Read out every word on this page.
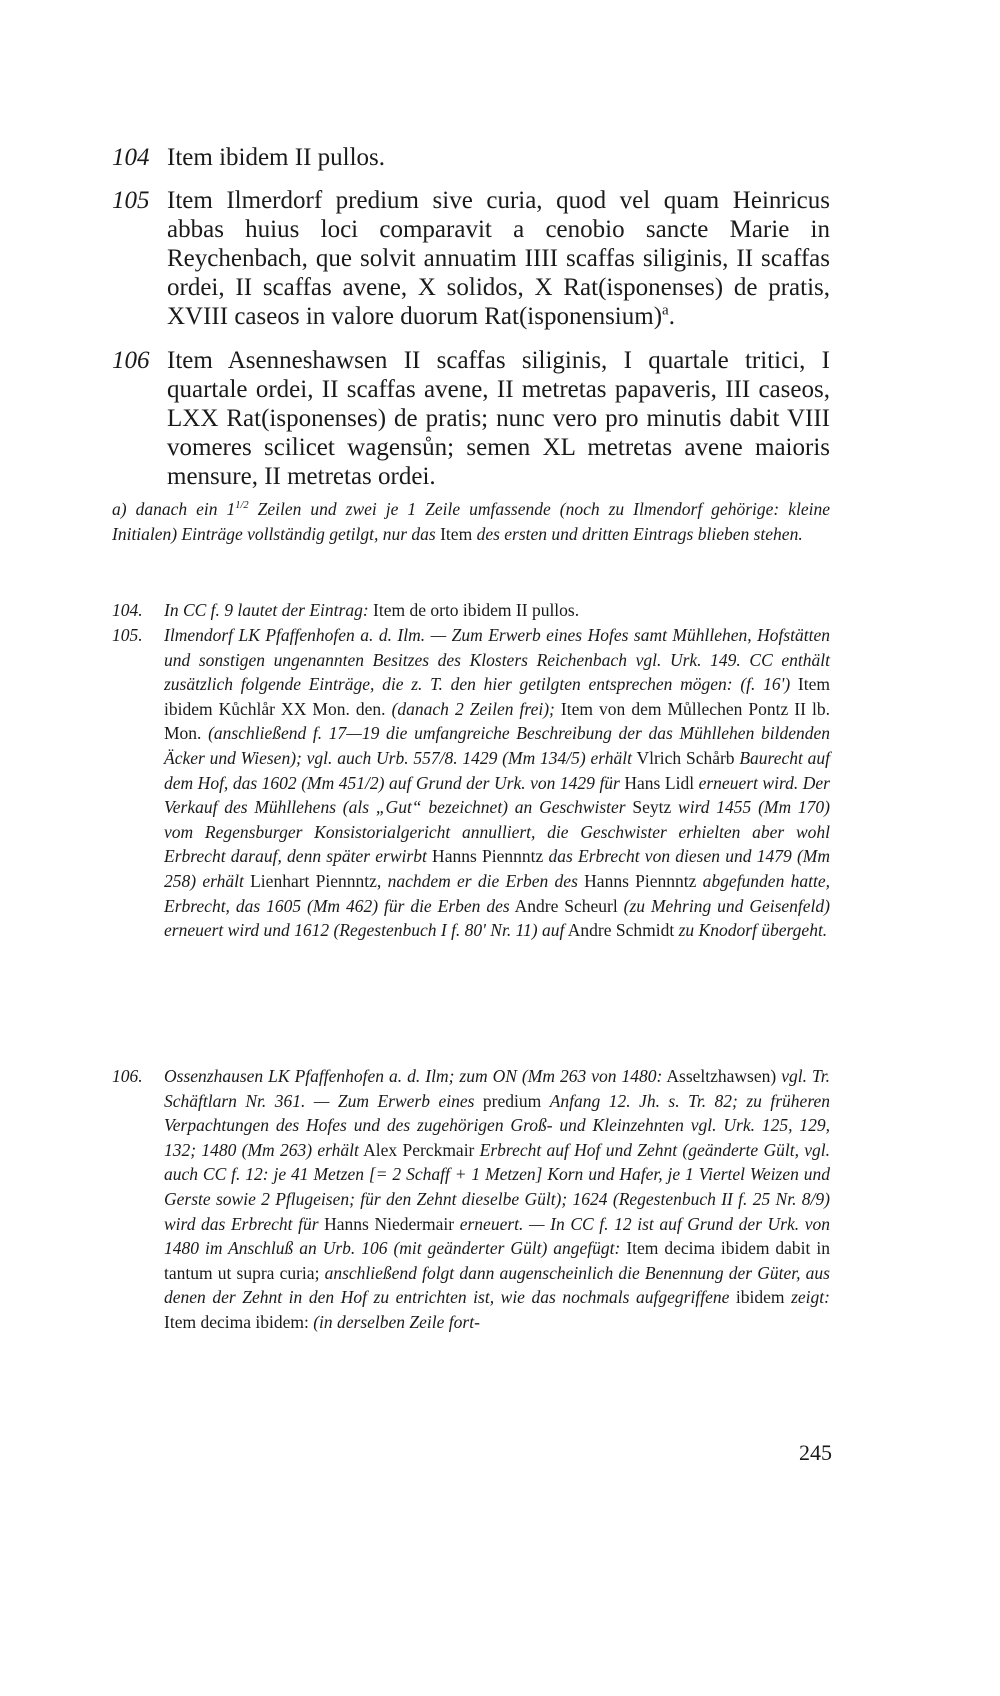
104 Item ibidem II pullos.
105 Item Ilmerdorf predium sive curia, quod vel quam Heinricus abbas huius loci comparavit a cenobio sancte Marie in Reychenbach, que solvit annuatim IIII scaffas siliginis, II scaffas ordei, II scaffas avene, X solidos, X Rat(isponenses) de pratis, XVIII caseos in valore duorum Rat(isponensium)$^a$.
106 Item Asenneshawsen II scaffas siliginis, I quartale tritici, I quartale ordei, II scaffas avene, II metretas papaveris, III caseos, LXX Rat(isponenses) de pratis; nunc vero pro minutis dabit VIII vomeres scilicet wagensůn; semen XL metretas avene maioris mensure, II metretas ordei.
a) danach ein $1^{1/2}$ Zeilen und zwei je 1 Zeile umfassende (noch zu Ilmendorf gehörige: kleine Initialen) Einträge vollständig getilgt, nur das Item des ersten und dritten Eintrags blieben stehen.
104. In CC f. 9 lautet der Eintrag: Item de orto ibidem II pullos.
105. Ilmendorf LK Pfaffenhofen a. d. Ilm. — Zum Erwerb eines Hofes samt Mühllehen, Hofstätten und sonstigen ungenannten Besitzes des Klosters Reichenbach vgl. Urk. 149. CC enthält zusätzlich folgende Einträge, die z. T. den hier getilgten entsprechen mögen: (f. 16') Item ibidem Kůchlår XX Mon. den. (danach 2 Zeilen frei); Item von dem Můllechen Pontz II lb. Mon. (anschließend f. 17—19 die umfangreiche Beschreibung der das Mühllehen bildenden Äcker und Wiesen); vgl. auch Urb. 557/8. 1429 (Mm 134/5) erhält Vlrich Schårb Baurecht auf dem Hof, das 1602 (Mm 451/2) auf Grund der Urk. von 1429 für Hans Lidl erneuert wird. Der Verkauf des Mühllehens (als „Gut“ bezeichnet) an Geschwister Seytz wird 1455 (Mm 170) vom Regensburger Konsistorialgericht annulliert, die Geschwister erhielten aber wohl Erbrecht darauf, denn später erwirbt Hanns Piennntz das Erbrecht von diesen und 1479 (Mm 258) erhält Lienhart Piennntz, nachdem er die Erben des Hanns Piennntz abgefunden hatte, Erbrecht, das 1605 (Mm 462) für die Erben des Andre Scheurl (zu Mehring und Geisenfeld) erneuert wird und 1612 (Regestenbuch I f. 80' Nr. 11) auf Andre Schmidt zu Knodorf übergeht.
106. Ossenzhausen LK Pfaffenhofen a. d. Ilm; zum ON (Mm 263 von 1480: Asseltzhawsen) vgl. Tr. Schäftlarn Nr. 361. — Zum Erwerb eines predium Anfang 12. Jh. s. Tr. 82; zu früheren Verpachtungen des Hofes und des zugehörigen Groß- und Kleinzehnten vgl. Urk. 125, 129, 132; 1480 (Mm 263) erhält Alex Perckmair Erbrecht auf Hof und Zehnt (geänderte Gült, vgl. auch CC f. 12: je 41 Metzen [= 2 Schaff + 1 Metzen] Korn und Hafer, je 1 Viertel Weizen und Gerste sowie 2 Pflugeisen; für den Zehnt dieselbe Gült); 1624 (Regestenbuch II f. 25 Nr. 8/9) wird das Erbrecht für Hanns Niedermair erneuert. — In CC f. 12 ist auf Grund der Urk. von 1480 im Anschluß an Urb. 106 (mit geänderter Gült) angefügt: Item decima ibidem dabit in tantum ut supra curia; anschließend folgt dann augenscheinlich die Benennung der Güter, aus denen der Zehnt in den Hof zu entrichten ist, wie das nochmals aufgegriffene ibidem zeigt: Item decima ibidem: (in derselben Zeile fort-
245
